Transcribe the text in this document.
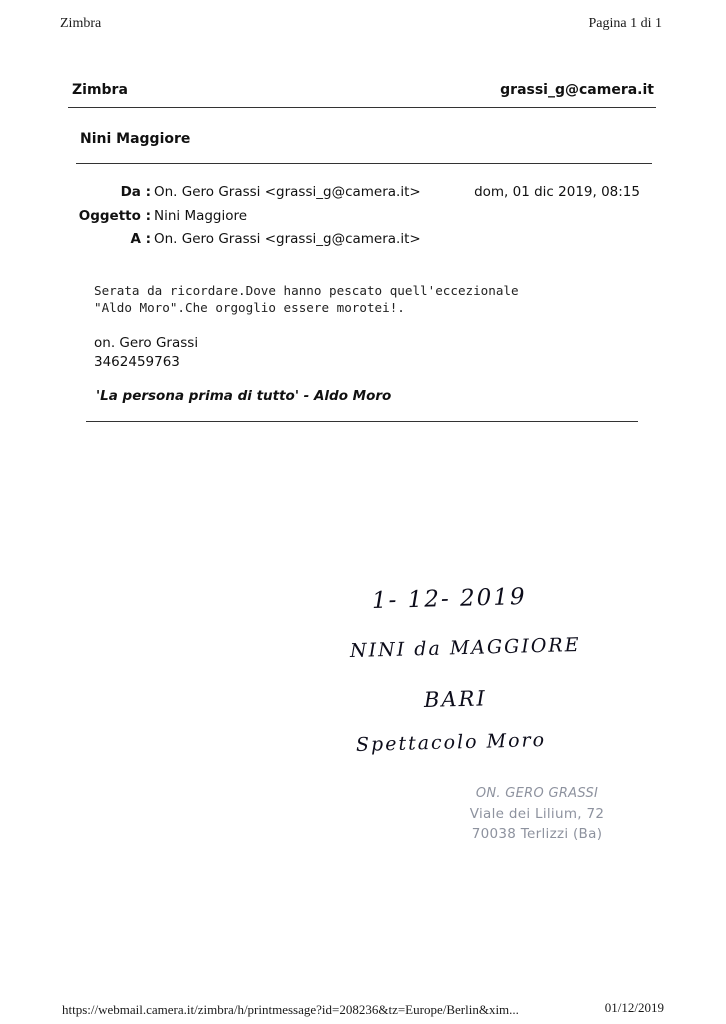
Zimbra	Pagina 1 di 1
Zimbra	grassi_g@camera.it
Nini Maggiore
Da : On. Gero Grassi <grassi_g@camera.it>	dom, 01 dic 2019, 08:15
Oggetto : Nini Maggiore
A : On. Gero Grassi <grassi_g@camera.it>
Serata da ricordare.Dove hanno pescato quell'eccezionale
"Aldo Moro".Che orgoglio essere morotei!.
on. Gero Grassi
3462459763
'La persona prima di tutto' - Aldo Moro
1- 12- 2019
NINI da MAGGIORE
BARI
Spettacolo Moro
ON. GERO GRASSI
Viale dei Lilium, 72
70038 Terlizzi (Ba)
https://webmail.camera.it/zimbra/h/printmessage?id=208236&tz=Europe/Berlin&xim...	01/12/2019
